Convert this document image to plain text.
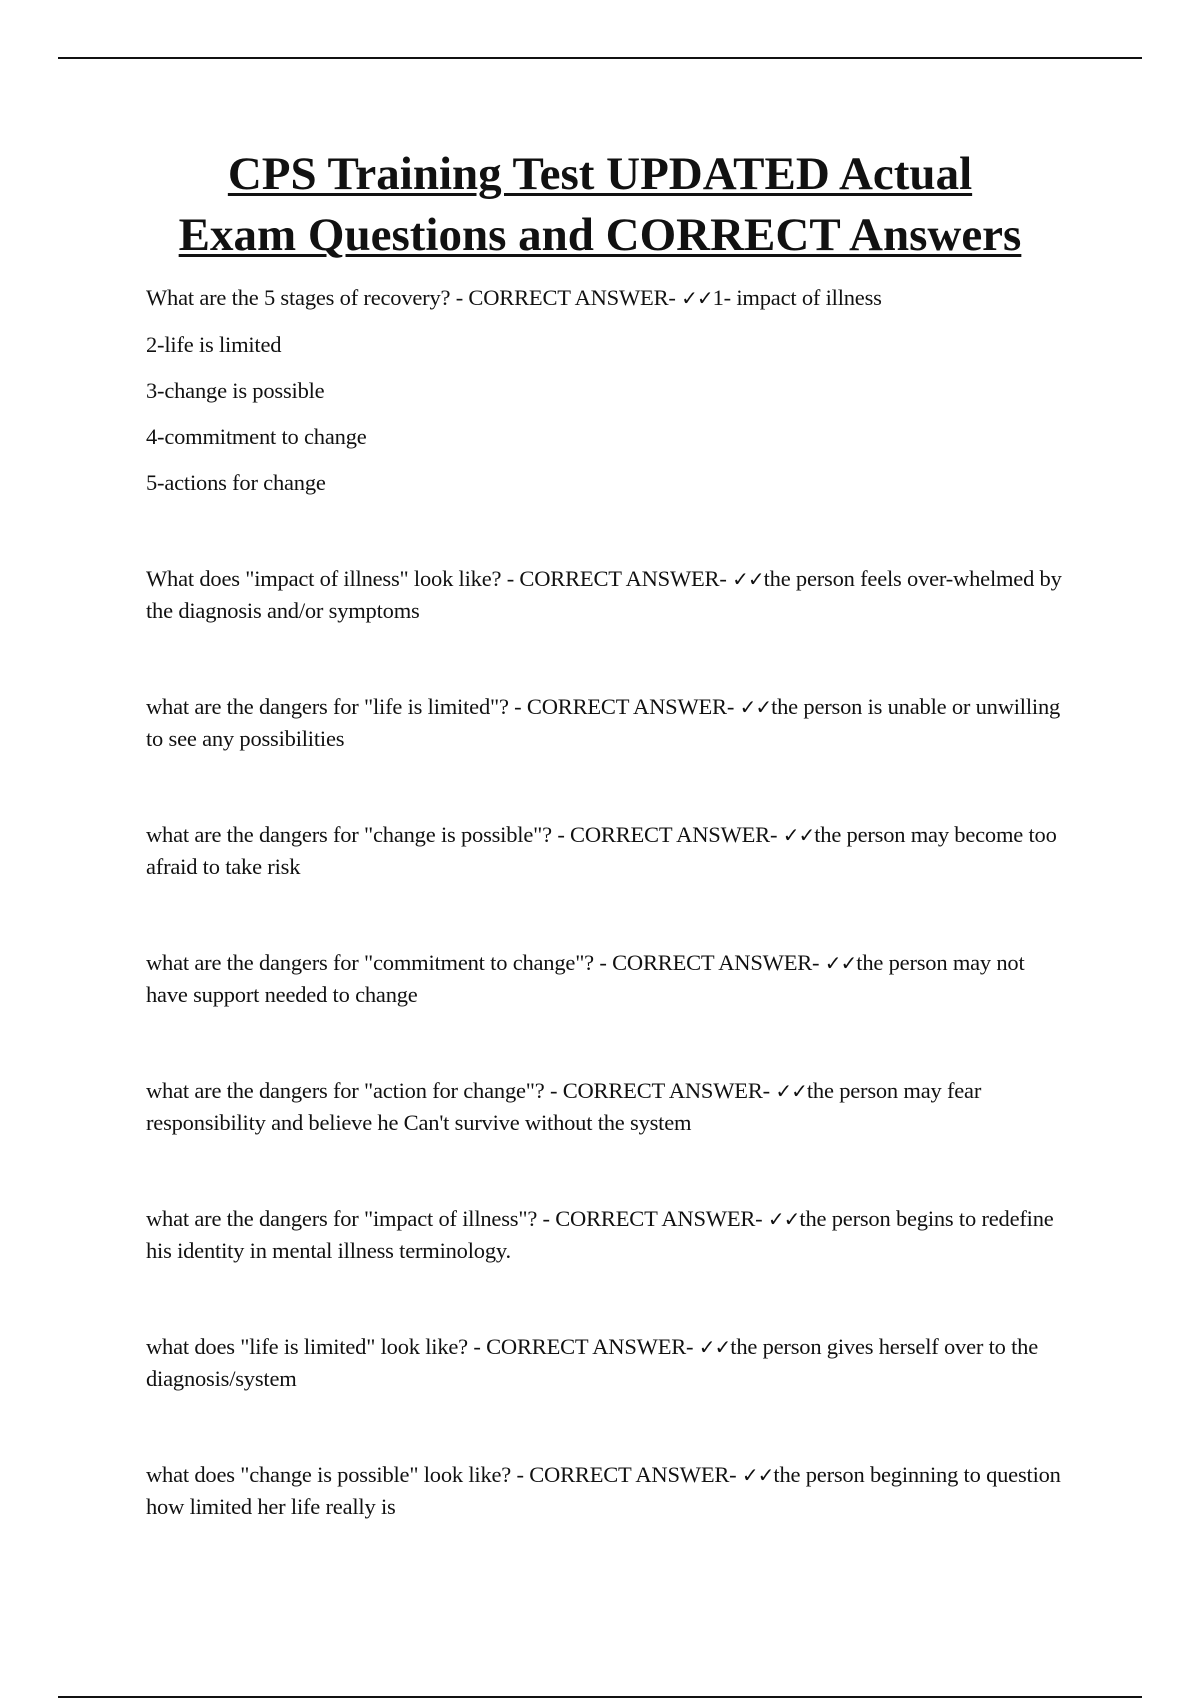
CPS Training Test UPDATED Actual
Exam Questions and CORRECT Answers

What are the 5 stages of recovery? - CORRECT ANSWER- ✓✓1- impact of illness

2-life is limited

3-change is possible

4-commitment to change

5-actions for change

What does "impact of illness" look like? - CORRECT ANSWER- ✓✓the person feels over-whelmed by the diagnosis and/or symptoms

what are the dangers for "life is limited"? - CORRECT ANSWER- ✓✓the person is unable or unwilling to see any possibilities

what are the dangers for "change is possible"? - CORRECT ANSWER- ✓✓the person may become too afraid to take risk

what are the dangers for "commitment to change"? - CORRECT ANSWER- ✓✓the person may not have support needed to change

what are the dangers for "action for change"? - CORRECT ANSWER- ✓✓the person may fear responsibility and believe he Can't survive without the system

what are the dangers for "impact of illness"? - CORRECT ANSWER- ✓✓the person begins to redefine his identity in mental illness terminology.

what does "life is limited" look like? - CORRECT ANSWER- ✓✓the person gives herself over to the diagnosis/system

what does "change is possible" look like? - CORRECT ANSWER- ✓✓the person beginning to question how limited her life really is
